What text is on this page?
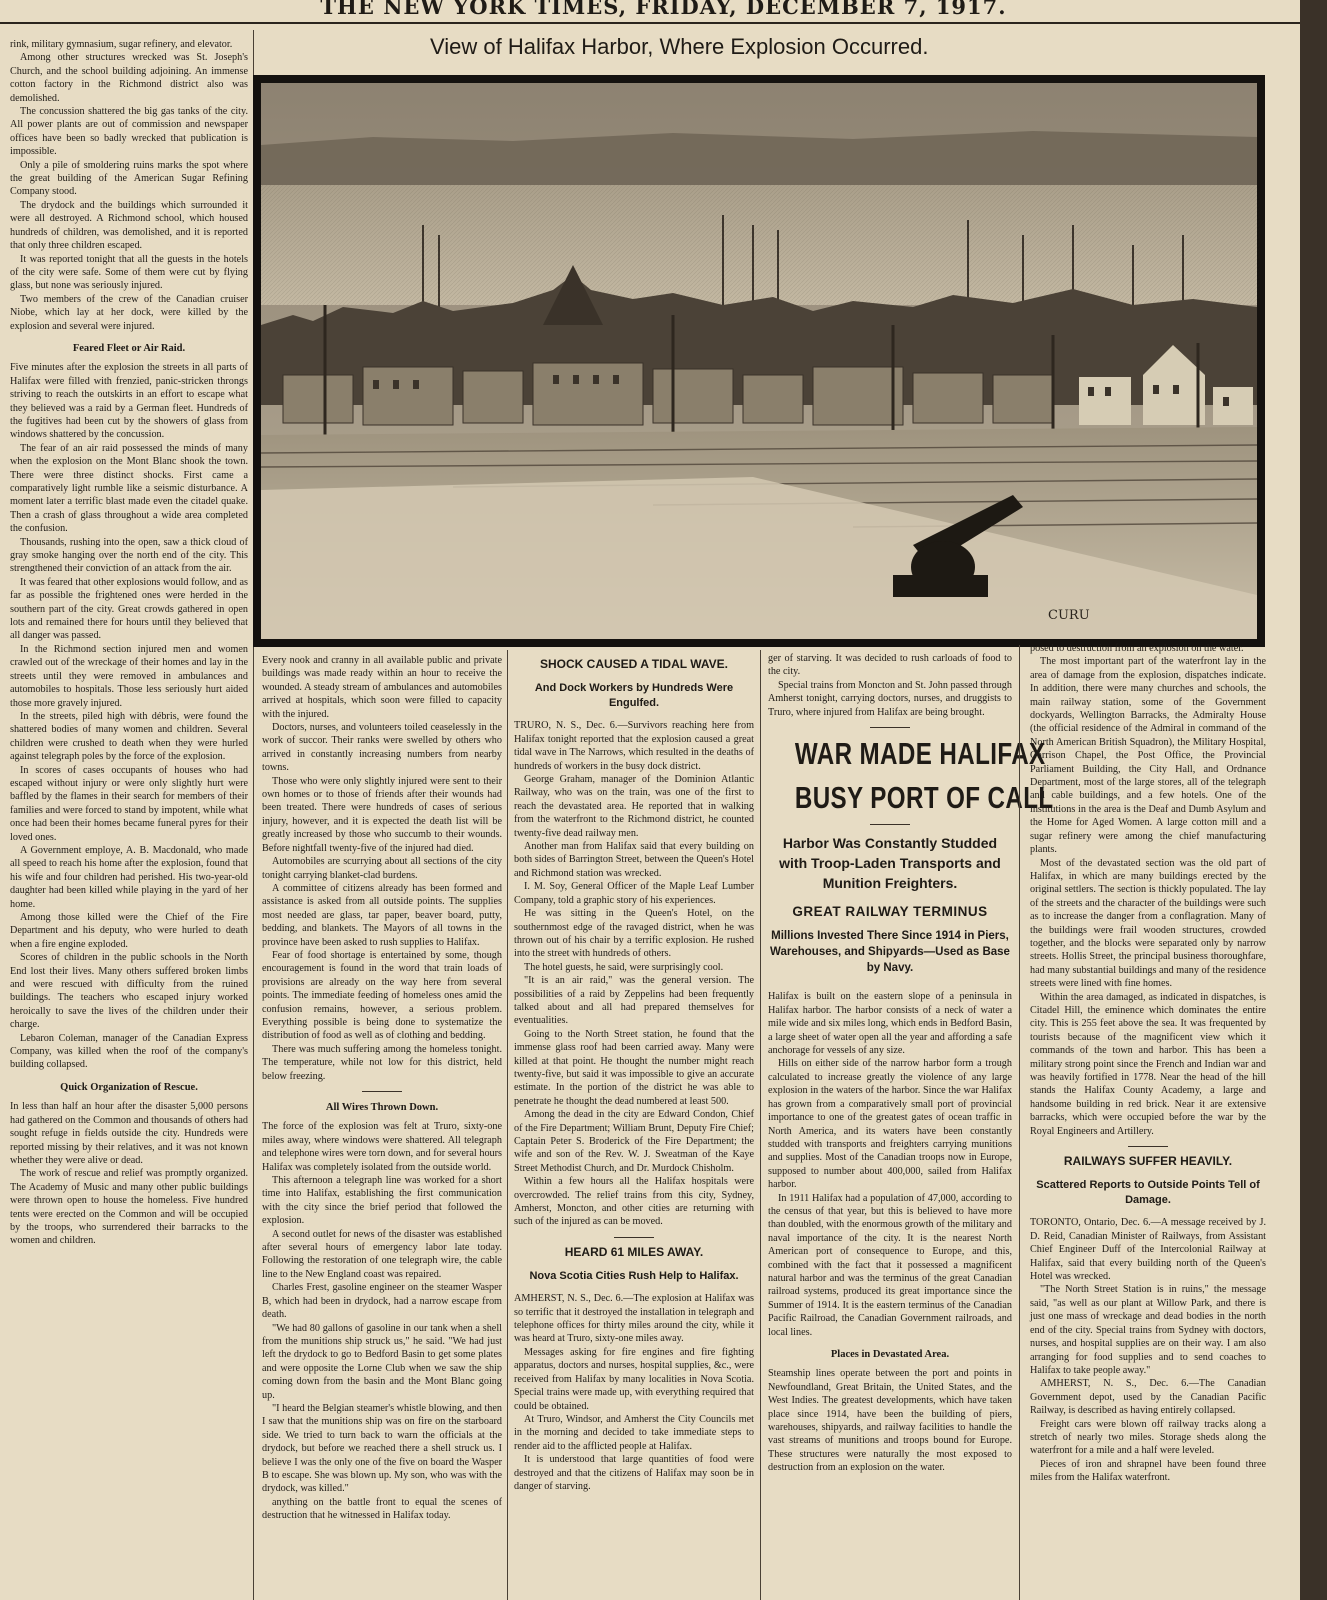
THE NEW YORK TIMES, FRIDAY, DECEMBER 7, 1917.

rink, military gymnasium, sugar refinery, and elevator.

Among other structures wrecked was St. Joseph's Church, and the school building adjoining. An immense cotton factory in the Richmond district also was demolished.

The concussion shattered the big gas tanks of the city. All power plants are out of commission and newspaper offices have been so badly wrecked that publication is impossible.

Only a pile of smoldering ruins marks the spot where the great building of the American Sugar Refining Company stood.

The drydock and the buildings which surrounded it were all destroyed. A Richmond school, which housed hundreds of children, was demolished, and it is reported that only three children escaped.

It was reported tonight that all the guests in the hotels of the city were safe. Some of them were cut by flying glass, but none was seriously injured.

Two members of the crew of the Canadian cruiser Niobe, which lay at her dock, were killed by the explosion and several were injured.

Feared Fleet or Air Raid.

Five minutes after the explosion the streets in all parts of Halifax were filled with frenzied, panic-stricken throngs striving to reach the outskirts in an effort to escape what they believed was a raid by a German fleet. Hundreds of the fugitives had been cut by the showers of glass from windows shattered by the concussion.

The fear of an air raid possessed the minds of many when the explosion on the Mont Blanc shook the town. There were three distinct shocks. First came a comparatively light rumble like a seismic disturbance. A moment later a terrific blast made even the citadel quake. Then a crash of glass throughout a wide area completed the confusion.

Thousands, rushing into the open, saw a thick cloud of gray smoke hanging over the north end of the city. This strengthened their conviction of an attack from the air.

It was feared that other explosions would follow, and as far as possible the frightened ones were herded in the southern part of the city. Great crowds gathered in open lots and remained there for hours until they believed that all danger was passed.

In the Richmond section injured men and women crawled out of the wreckage of their homes and lay in the streets until they were removed in ambulances and automobiles to hospitals. Those less seriously hurt aided those more gravely injured.

In the streets, piled high with débris, were found the shattered bodies of many women and children. Several children were crushed to death when they were hurled against telegraph poles by the force of the explosion.

In scores of cases occupants of houses who had escaped without injury or were only slightly hurt were baffled by the flames in their search for members of their families and were forced to stand by impotent, while what once had been their homes became funeral pyres for their loved ones.

A Government employe, A. B. Macdonald, who made all speed to reach his home after the explosion, found that his wife and four children had perished. His two-year-old daughter had been killed while playing in the yard of her home.

Among those killed were the Chief of the Fire Department and his deputy, who were hurled to death when a fire engine exploded.

Scores of children in the public schools in the North End lost their lives. Many others suffered broken limbs and were rescued with difficulty from the ruined buildings. The teachers who escaped injury worked heroically to save the lives of the children under their charge.

Lebaron Coleman, manager of the Canadian Express Company, was killed when the roof of the company's building collapsed.

Quick Organization of Rescue.

In less than half an hour after the disaster 5,000 persons had gathered on the Common and thousands of others had sought refuge in fields outside the city. Hundreds were reported missing by their relatives, and it was not known whether they were alive or dead.

The work of rescue and relief was promptly organized. The Academy of Music and many other public buildings were thrown open to house the homeless. Five hundred tents were erected on the Common and will be occupied by the troops, who surrendered their barracks to the women and children.

View of Halifax Harbor, Where Explosion Occurred.
CURU

Every nook and cranny in all available public and private buildings was made ready within an hour to receive the wounded. A steady stream of ambulances and automobiles arrived at hospitals, which soon were filled to capacity with the injured.

Doctors, nurses, and volunteers toiled ceaselessly in the work of succor. Their ranks were swelled by others who arrived in constantly increasing numbers from nearby towns.

Those who were only slightly injured were sent to their own homes or to those of friends after their wounds had been treated. There were hundreds of cases of serious injury, however, and it is expected the death list will be greatly increased by those who succumb to their wounds. Before nightfall twenty-five of the injured had died.

Automobiles are scurrying about all sections of the city tonight carrying blanket-clad burdens.

A committee of citizens already has been formed and assistance is asked from all outside points. The supplies most needed are glass, tar paper, beaver board, putty, bedding, and blankets. The Mayors of all towns in the province have been asked to rush supplies to Halifax.

Fear of food shortage is entertained by some, though encouragement is found in the word that train loads of provisions are already on the way here from several points. The immediate feeding of homeless ones amid the confusion remains, however, a serious problem. Everything possible is being done to systematize the distribution of food as well as of clothing and bedding.

There was much suffering among the homeless tonight. The temperature, while not low for this district, held below freezing.

All Wires Thrown Down.

The force of the explosion was felt at Truro, sixty-one miles away, where windows were shattered. All telegraph and telephone wires were torn down, and for several hours Halifax was completely isolated from the outside world.

This afternoon a telegraph line was worked for a short time into Halifax, establishing the first communication with the city since the brief period that followed the explosion.

A second outlet for news of the disaster was established after several hours of emergency labor late today. Following the restoration of one telegraph wire, the cable line to the New England coast was repaired.

Charles Frest, gasoline engineer on the steamer Wasper B, which had been in drydock, had a narrow escape from death.

"We had 80 gallons of gasoline in our tank when a shell from the munitions ship struck us," he said. "We had just left the drydock to go to Bedford Basin to get some plates and were opposite the Lorne Club when we saw the ship coming down from the basin and the Mont Blanc going up.

"I heard the Belgian steamer's whistle blowing, and then I saw that the munitions ship was on fire on the starboard side. We tried to turn back to warn the officials at the drydock, but before we reached there a shell struck us. I believe I was the only one of the five on board the Wasper B to escape. She was blown up. My son, who was with the drydock, was killed."

anything on the battle front to equal the scenes of destruction that he witnessed in Halifax today.

SHOCK CAUSED A TIDAL WAVE.
And Dock Workers by Hundreds Were Engulfed.

TRURO, N. S., Dec. 6.—Survivors reaching here from Halifax tonight reported that the explosion caused a great tidal wave in The Narrows, which resulted in the deaths of hundreds of workers in the busy dock district.

George Graham, manager of the Dominion Atlantic Railway, who was on the train, was one of the first to reach the devastated area. He reported that in walking from the waterfront to the Richmond district, he counted twenty-five dead railway men.

Another man from Halifax said that every building on both sides of Barrington Street, between the Queen's Hotel and Richmond station was wrecked.

I. M. Soy, General Officer of the Maple Leaf Lumber Company, told a graphic story of his experiences.

He was sitting in the Queen's Hotel, on the southernmost edge of the ravaged district, when he was thrown out of his chair by a terrific explosion. He rushed into the street with hundreds of others.

The hotel guests, he said, were surprisingly cool.

"It is an air raid," was the general version. The possibilities of a raid by Zeppelins had been frequently talked about and all had prepared themselves for eventualities.

Going to the North Street station, he found that the immense glass roof had been carried away. Many were killed at that point. He thought the number might reach twenty-five, but said it was impossible to give an accurate estimate. In the portion of the district he was able to penetrate he thought the dead numbered at least 500.

Among the dead in the city are Edward Condon, Chief of the Fire Department; William Brunt, Deputy Fire Chief; Captain Peter S. Broderick of the Fire Department; the wife and son of the Rev. W. J. Sweatman of the Kaye Street Methodist Church, and Dr. Murdock Chisholm.

Within a few hours all the Halifax hospitals were overcrowded. The relief trains from this city, Sydney, Amherst, Moncton, and other cities are returning with such of the injured as can be moved.

HEARD 61 MILES AWAY.
Nova Scotia Cities Rush Help to Halifax.

AMHERST, N. S., Dec. 6.—The explosion at Halifax was so terrific that it destroyed the installation in telegraph and telephone offices for thirty miles around the city, while it was heard at Truro, sixty-one miles away.

Messages asking for fire engines and fire fighting apparatus, doctors and nurses, hospital supplies, &c., were received from Halifax by many localities in Nova Scotia. Special trains were made up, with everything required that could be obtained.

At Truro, Windsor, and Amherst the City Councils met in the morning and decided to take immediate steps to render aid to the afflicted people at Halifax.

It is understood that large quantities of food were destroyed and that the citizens of Halifax may soon be in danger of starving.

ger of starving. It was decided to rush carloads of food to the city.

Special trains from Moncton and St. John passed through Amherst tonight, carrying doctors, nurses, and druggists to Truro, where injured from Halifax are being brought.

WAR MADE HALIFAX
BUSY PORT OF CALL
Harbor Was Constantly Studded with Troop-Laden Transports and Munition Freighters.
GREAT RAILWAY TERMINUS
Millions Invested There Since 1914 in Piers, Warehouses, and Shipyards—Used as Base by Navy.

Halifax is built on the eastern slope of a peninsula in Halifax harbor. The harbor consists of a neck of water a mile wide and six miles long, which ends in Bedford Basin, a large sheet of water open all the year and affording a safe anchorage for vessels of any size.

Hills on either side of the narrow harbor form a trough calculated to increase greatly the violence of any large explosion in the waters of the harbor. Since the war Halifax has grown from a comparatively small port of provincial importance to one of the greatest gates of ocean traffic in North America, and its waters have been constantly studded with transports and freighters carrying munitions and supplies. Most of the Canadian troops now in Europe, supposed to number about 400,000, sailed from Halifax harbor.

In 1911 Halifax had a population of 47,000, according to the census of that year, but this is believed to have more than doubled, with the enormous growth of the military and naval importance of the city. It is the nearest North American port of consequence to Europe, and this, combined with the fact that it possessed a magnificent natural harbor and was the terminus of the great Canadian railroad systems, produced its great importance since the Summer of 1914. It is the eastern terminus of the Canadian Pacific Railroad, the Canadian Government railroads, and local lines.

Places in Devastated Area.

Steamship lines operate between the port and points in Newfoundland, Great Britain, the United States, and the West Indies. The greatest developments, which have taken place since 1914, have been the building of piers, warehouses, shipyards, and railway facilities to handle the vast streams of munitions and troops bound for Europe. These structures were naturally the most exposed to destruction from an explosion on the water.

posed to destruction from an explosion on the water.

The most important part of the waterfront lay in the area of damage from the explosion, dispatches indicate. In addition, there were many churches and schools, the main railway station, some of the Government dockyards, Wellington Barracks, the Admiralty House (the official residence of the Admiral in command of the North American British Squadron), the Military Hospital, Garrison Chapel, the Post Office, the Provincial Parliament Building, the City Hall, and Ordnance Department, most of the large stores, all of the telegraph and cable buildings, and a few hotels. One of the institutions in the area is the Deaf and Dumb Asylum and the Home for Aged Women. A large cotton mill and a sugar refinery were among the chief manufacturing plants.

Most of the devastated section was the old part of Halifax, in which are many buildings erected by the original settlers. The section is thickly populated. The lay of the streets and the character of the buildings were such as to increase the danger from a conflagration. Many of the buildings were frail wooden structures, crowded together, and the blocks were separated only by narrow streets. Hollis Street, the principal business thoroughfare, had many substantial buildings and many of the residence streets were lined with fine homes.

Within the area damaged, as indicated in dispatches, is Citadel Hill, the eminence which dominates the entire city. This is 255 feet above the sea. It was frequented by tourists because of the magnificent view which it commands of the town and harbor. This has been a military strong point since the French and Indian war and was heavily fortified in 1778. Near the head of the hill stands the Halifax County Academy, a large and handsome building in red brick. Near it are extensive barracks, which were occupied before the war by the Royal Engineers and Artillery.

RAILWAYS SUFFER HEAVILY.
Scattered Reports to Outside Points Tell of Damage.

TORONTO, Ontario, Dec. 6.—A message received by J. D. Reid, Canadian Minister of Railways, from Assistant Chief Engineer Duff of the Intercolonial Railway at Halifax, said that every building north of the Queen's Hotel was wrecked.

"The North Street Station is in ruins," the message said, "as well as our plant at Willow Park, and there is just one mass of wreckage and dead bodies in the north end of the city. Special trains from Sydney with doctors, nurses, and hospital supplies are on their way. I am also arranging for food supplies and to send coaches to Halifax to take people away."

AMHERST, N. S., Dec. 6.—The Canadian Government depot, used by the Canadian Pacific Railway, is described as having entirely collapsed.

Freight cars were blown off railway tracks along a stretch of nearly two miles. Storage sheds along the waterfront for a mile and a half were leveled.

Pieces of iron and shrapnel have been found three miles from the Halifax waterfront.
